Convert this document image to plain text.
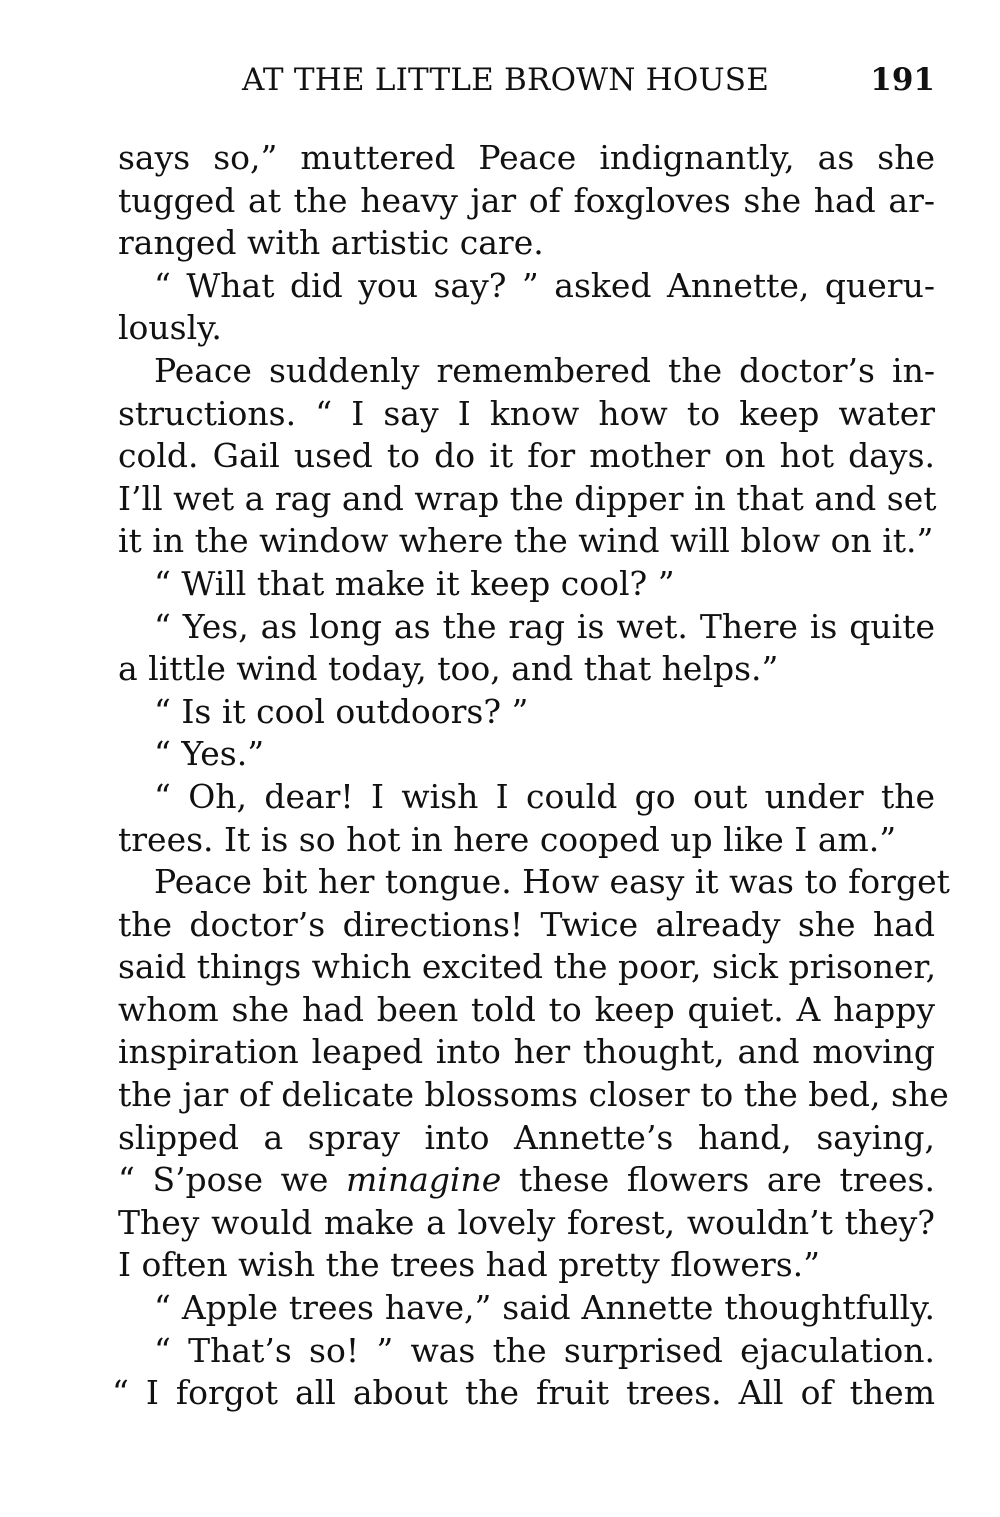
AT THE LITTLE BROWN HOUSE	191
says so,” muttered Peace indignantly, as she
tugged at the heavy jar of foxgloves she had ar-
ranged with artistic care.
“ What did you say? ” asked Annette, queru-
lously.
Peace suddenly remembered the doctor’s in-
structions. “ I say I know how to keep water
cold. Gail used to do it for mother on hot days.
I’ll wet a rag and wrap the dipper in that and set
it in the window where the wind will blow on it.”
“ Will that make it keep cool? ”
“ Yes, as long as the rag is wet. There is quite
a little wind today, too, and that helps.”
“ Is it cool outdoors? ”
“ Yes.”
“ Oh, dear! I wish I could go out under the
trees. It is so hot in here cooped up like I am.”
Peace bit her tongue. How easy it was to forget
the doctor’s directions! Twice already she had
said things which excited the poor, sick prisoner,
whom she had been told to keep quiet. A happy
inspiration leaped into her thought, and moving
the jar of delicate blossoms closer to the bed, she
slipped a spray into Annette’s hand, saying,
“ S’pose we minagine these flowers are trees.
They would make a lovely forest, wouldn’t they?
I often wish the trees had pretty flowers.”
“ Apple trees have,” said Annette thoughtfully.
“ That’s so! ” was the surprised ejaculation.
“ I forgot all about the fruit trees. All of them
